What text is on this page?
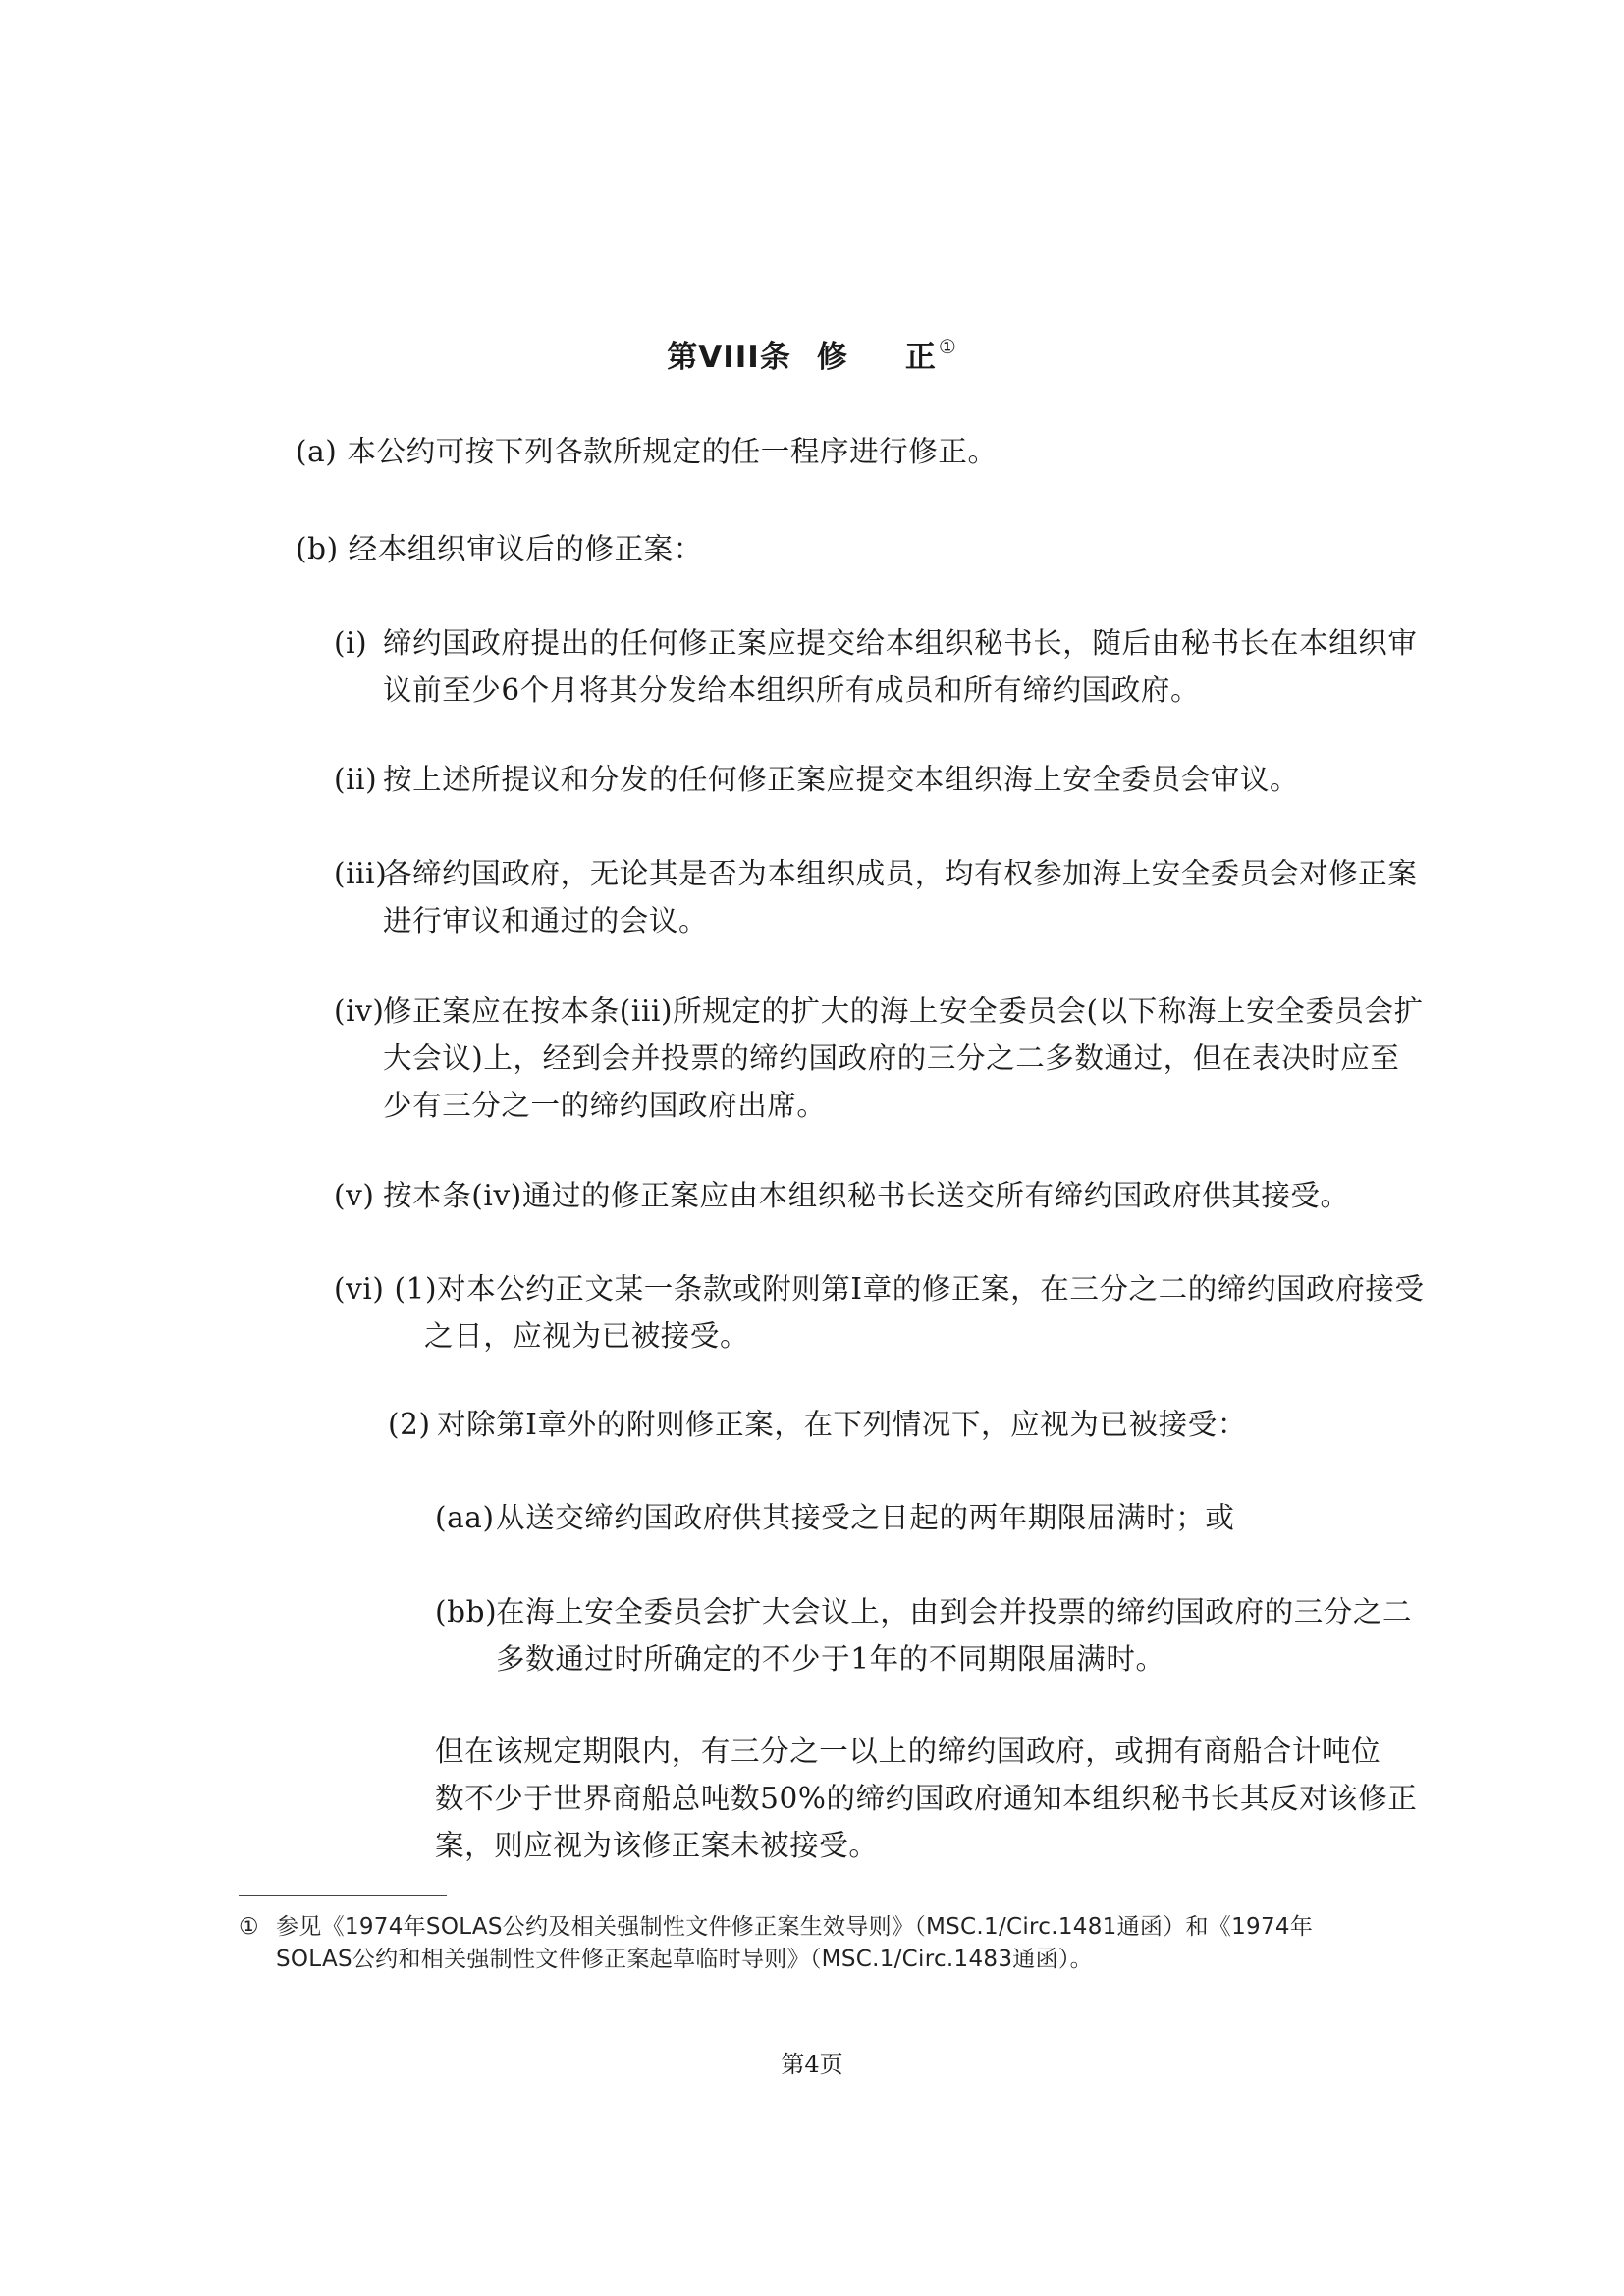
第VIII条 修 正 ①
(a) 本公约可按下列各款所规定的任一程序进行修正。
(b) 经本组织审议后的修正案：
(i) 缔约国政府提出的任何修正案应提交给本组织秘书长，随后由秘书长在本组织审
议前至少6个月将其分发给本组织所有成员和所有缔约国政府。
(ii) 按上述所提议和分发的任何修正案应提交本组织海上安全委员会审议。
(iii)各缔约国政府，无论其是否为本组织成员，均有权参加海上安全委员会对修正案
进行审议和通过的会议。
(iv)修正案应在按本条(iii)所规定的扩大的海上安全委员会(以下称海上安全委员会扩
大会议)上，经到会并投票的缔约国政府的三分之二多数通过，但在表决时应至
少有三分之一的缔约国政府出席。
(v) 按本条(iv)通过的修正案应由本组织秘书长送交所有缔约国政府供其接受。
(vi) (1)对本公约正文某一条款或附则第I章的修正案，在三分之二的缔约国政府接受
之日，应视为已被接受。
(2) 对除第I章外的附则修正案，在下列情况下，应视为已被接受：
(aa)从送交缔约国政府供其接受之日起的两年期限届满时；或
(bb)在海上安全委员会扩大会议上，由到会并投票的缔约国政府的三分之二
多数通过时所确定的不少于1年的不同期限届满时。
但在该规定期限内，有三分之一以上的缔约国政府，或拥有商船合计吨位
数不少于世界商船总吨数50%的缔约国政府通知本组织秘书长其反对该修正
案，则应视为该修正案未被接受。
① 参见《1974年SOLAS公约及相关强制性文件修正案生效导则》（MSC.1/Circ.1481通函）和《1974年
SOLAS公约和相关强制性文件修正案起草临时导则》（MSC.1/Circ.1483通函）。
第4页
